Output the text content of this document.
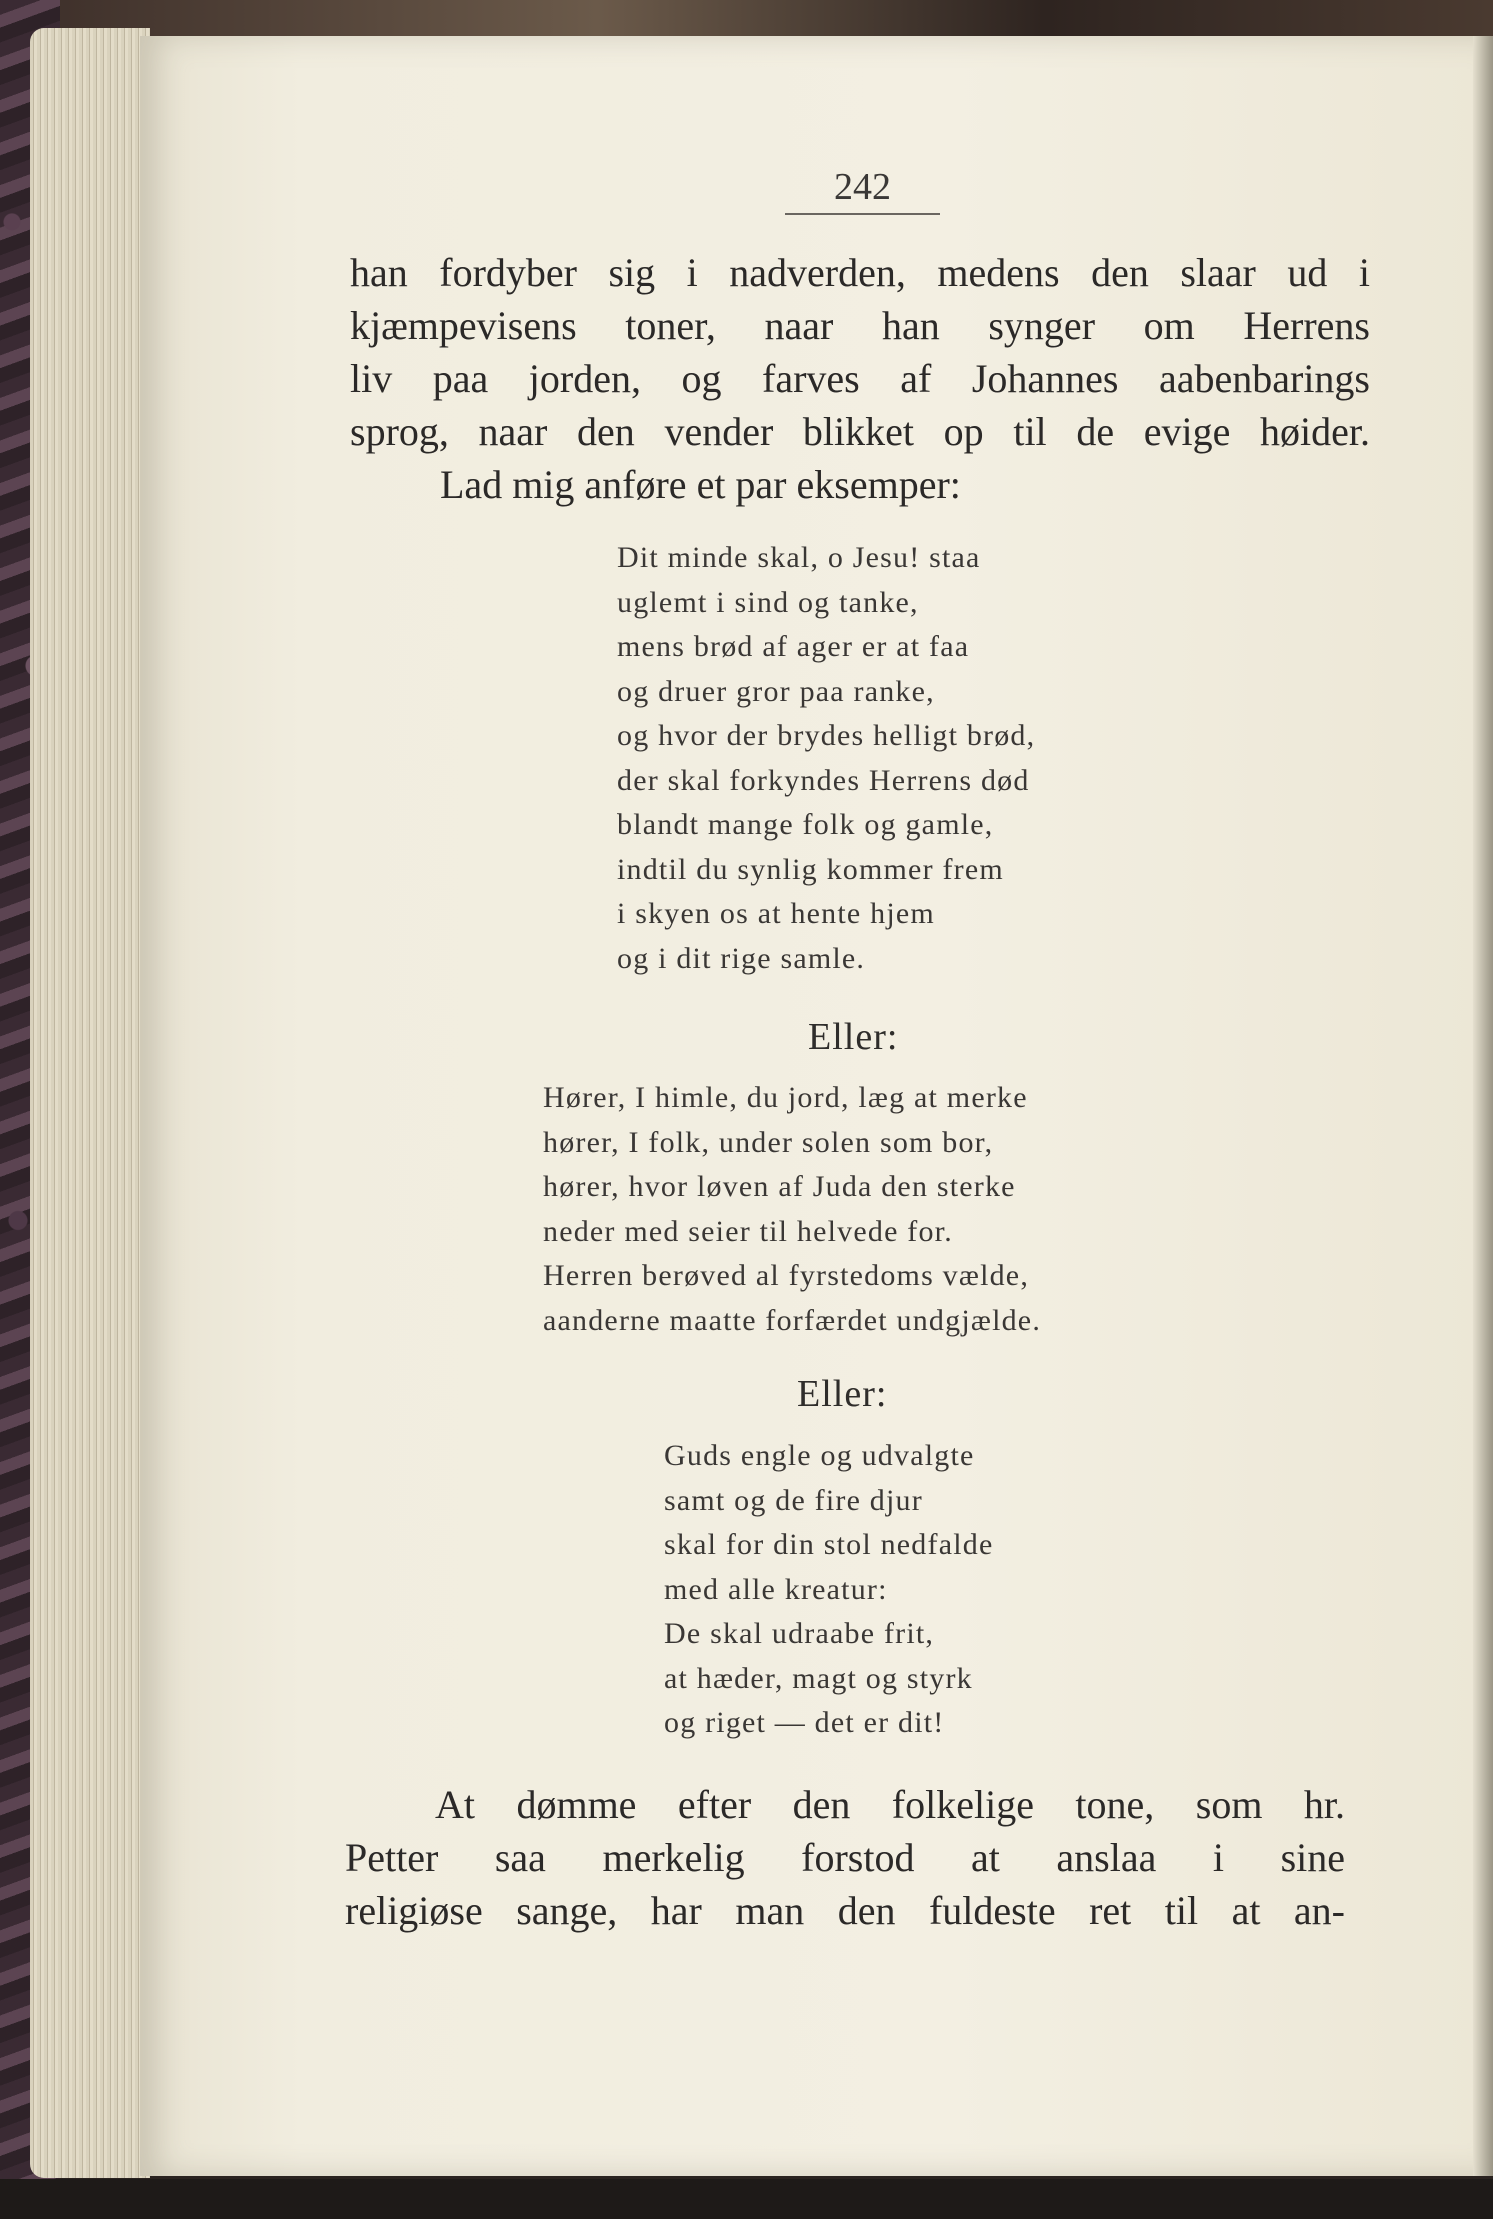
242
han fordyber sig i nadverden, medens den slaar ud i
kjæmpevisens toner, naar han synger om Herrens
liv paa jorden, og farves af Johannes aabenbarings
sprog, naar den vender blikket op til de evige høider.
Lad mig anføre et par eksemper:
Dit minde skal, o Jesu! staa
uglemt i sind og tanke,
mens brød af ager er at faa
og druer gror paa ranke,
og hvor der brydes helligt brød,
der skal forkyndes Herrens død
blandt mange folk og gamle,
indtil du synlig kommer frem
i skyen os at hente hjem
og i dit rige samle.
Eller:
Hører, I himle, du jord, læg at merke
hører, I folk, under solen som bor,
hører, hvor løven af Juda den sterke
neder med seier til helvede for.
Herren berøved al fyrstedoms vælde,
aanderne maatte forfærdet undgjælde.
Eller:
Guds engle og udvalgte
samt og de fire djur
skal for din stol nedfalde
med alle kreatur:
De skal udraabe frit,
at hæder, magt og styrk
og riget — det er dit!
At dømme efter den folkelige tone, som hr.
Petter saa merkelig forstod at anslaa i sine
religiøse sange, har man den fuldeste ret til at an-
